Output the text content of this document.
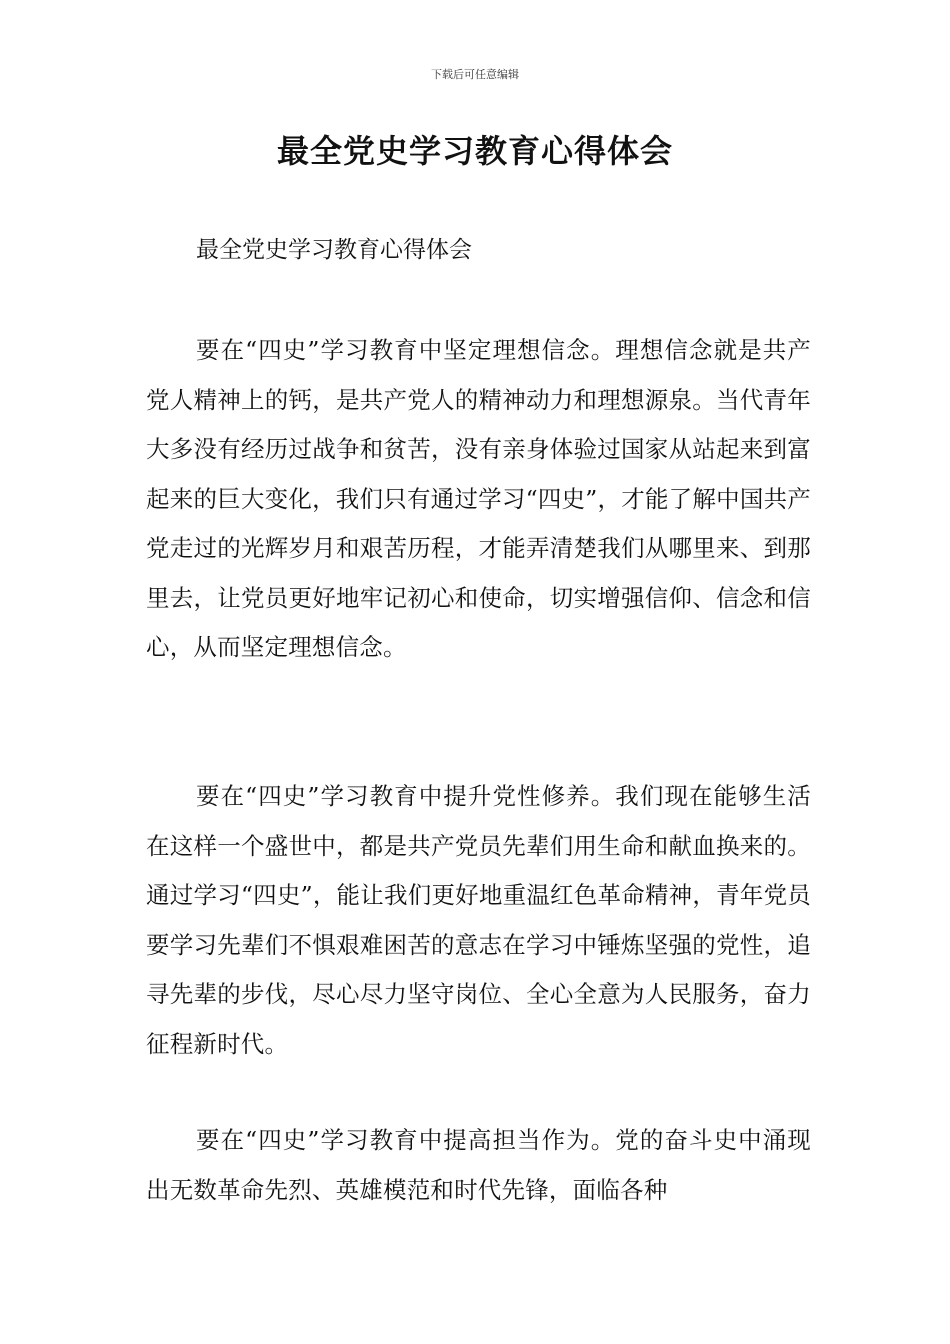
下载后可任意编辑
最全党史学习教育心得体会

最全党史学习教育心得体会

要在“四史”学习教育中坚定理想信念。理想信念就是共产党人精神上的钙，是共产党人的精神动力和理想源泉。当代青年大多没有经历过战争和贫苦，没有亲身体验过国家从站起来到富起来的巨大变化，我们只有通过学习“四史”，才能了解中国共产党走过的光辉岁月和艰苦历程，才能弄清楚我们从哪里来、到那里去，让党员更好地牢记初心和使命，切实增强信仰、信念和信心，从而坚定理想信念。

要在“四史”学习教育中提升党性修养。我们现在能够生活在这样一个盛世中，都是共产党员先辈们用生命和献血换来的。通过学习“四史”，能让我们更好地重温红色革命精神，青年党员要学习先辈们不惧艰难困苦的意志在学习中锤炼坚强的党性，追寻先辈的步伐，尽心尽力坚守岗位、全心全意为人民服务，奋力征程新时代。

要在“四史”学习教育中提高担当作为。党的奋斗史中涌现出无数革命先烈、英雄模范和时代先锋，面临各种
